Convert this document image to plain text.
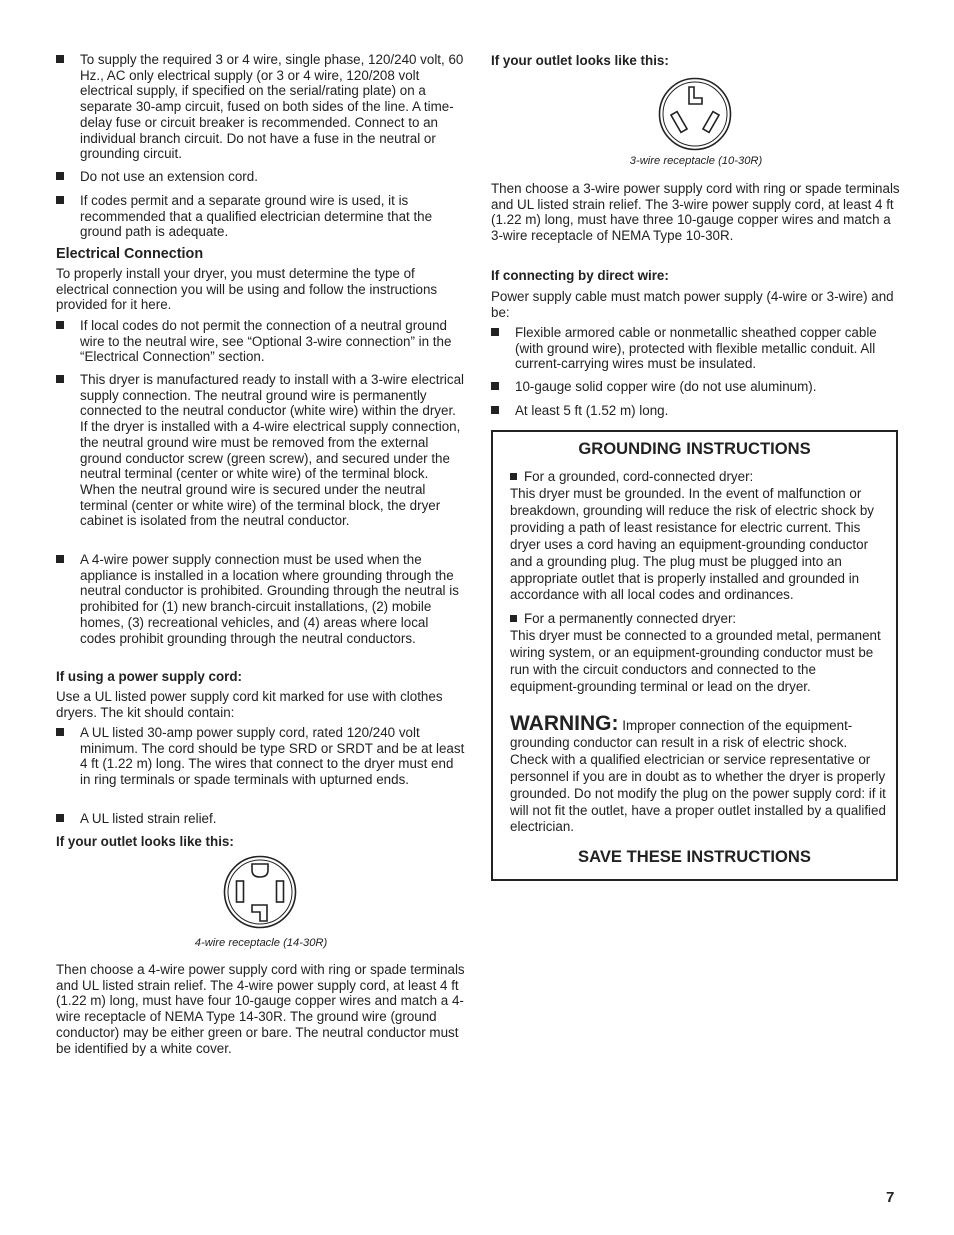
To supply the required 3 or 4 wire, single phase, 120/240 volt, 60 Hz., AC only electrical supply (or 3 or 4 wire, 120/208 volt electrical supply, if specified on the serial/rating plate) on a separate 30-amp circuit, fused on both sides of the line. A time-delay fuse or circuit breaker is recommended. Connect to an individual branch circuit. Do not have a fuse in the neutral or grounding circuit.
Do not use an extension cord.
If codes permit and a separate ground wire is used, it is recommended that a qualified electrician determine that the ground path is adequate.
Electrical Connection
To properly install your dryer, you must determine the type of electrical connection you will be using and follow the instructions provided for it here.
If local codes do not permit the connection of a neutral ground wire to the neutral wire, see “Optional 3-wire connection” in the “Electrical Connection” section.
This dryer is manufactured ready to install with a 3-wire electrical supply connection. The neutral ground wire is permanently connected to the neutral conductor (white wire) within the dryer. If the dryer is installed with a 4-wire electrical supply connection, the neutral ground wire must be removed from the external ground conductor screw (green screw), and secured under the neutral terminal (center or white wire) of the terminal block. When the neutral ground wire is secured under the neutral terminal (center or white wire) of the terminal block, the dryer cabinet is isolated from the neutral conductor.
A 4-wire power supply connection must be used when the appliance is installed in a location where grounding through the neutral conductor is prohibited. Grounding through the neutral is prohibited for (1) new branch-circuit installations, (2) mobile homes, (3) recreational vehicles, and (4) areas where local codes prohibit grounding through the neutral conductors.
If using a power supply cord:
Use a UL listed power supply cord kit marked for use with clothes dryers. The kit should contain:
A UL listed 30-amp power supply cord, rated 120/240 volt minimum. The cord should be type SRD or SRDT and be at least 4 ft (1.22 m) long. The wires that connect to the dryer must end in ring terminals or spade terminals with upturned ends.
A UL listed strain relief.
If your outlet looks like this:
4-wire receptacle (14-30R)
Then choose a 4-wire power supply cord with ring or spade terminals and UL listed strain relief. The 4-wire power supply cord, at least 4 ft (1.22 m) long, must have four 10-gauge copper wires and match a 4-wire receptacle of NEMA Type 14-30R. The ground wire (ground conductor) may be either green or bare. The neutral conductor must be identified by a white cover.
If your outlet looks like this:
3-wire receptacle (10-30R)
Then choose a 3-wire power supply cord with ring or spade terminals and UL listed strain relief. The 3-wire power supply cord, at least 4 ft (1.22 m) long, must have three 10-gauge copper wires and match a 3-wire receptacle of NEMA Type 10-30R.
If connecting by direct wire:
Power supply cable must match power supply (4-wire or 3-wire) and be:
Flexible armored cable or nonmetallic sheathed copper cable (with ground wire), protected with flexible metallic conduit. All current-carrying wires must be insulated.
10-gauge solid copper wire (do not use aluminum).
At least 5 ft (1.52 m) long.
GROUNDING INSTRUCTIONS
For a grounded, cord-connected dryer:
This dryer must be grounded. In the event of malfunction or breakdown, grounding will reduce the risk of electric shock by providing a path of least resistance for electric current. This dryer uses a cord having an equipment-grounding conductor and a grounding plug. The plug must be plugged into an appropriate outlet that is properly installed and grounded in accordance with all local codes and ordinances.
For a permanently connected dryer:
This dryer must be connected to a grounded metal, permanent wiring system, or an equipment-grounding conductor must be run with the circuit conductors and connected to the equipment-grounding terminal or lead on the dryer.
WARNING: Improper connection of the equipment-grounding conductor can result in a risk of electric shock. Check with a qualified electrician or service representative or personnel if you are in doubt as to whether the dryer is properly grounded. Do not modify the plug on the power supply cord: if it will not fit the outlet, have a proper outlet installed by a qualified electrician.
SAVE THESE INSTRUCTIONS
7
